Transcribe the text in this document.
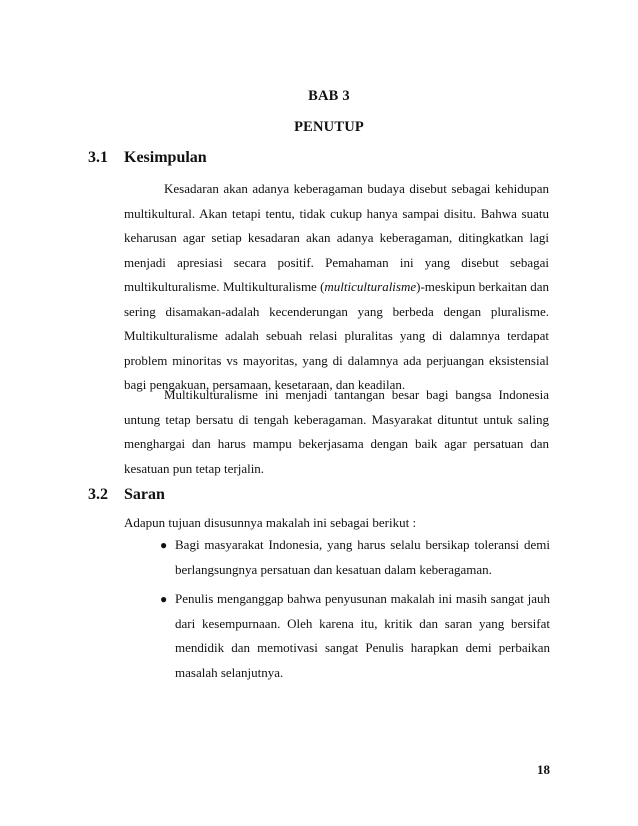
BAB 3
PENUTUP
3.1 Kesimpulan

Kesadaran akan adanya keberagaman budaya disebut sebagai kehidupan multikultural. Akan tetapi tentu, tidak cukup hanya sampai disitu. Bahwa suatu keharusan agar setiap kesadaran akan adanya keberagaman, ditingkatkan lagi menjadi apresiasi secara positif. Pemahaman ini yang disebut sebagai multikulturalisme. Multikulturalisme (multiculturalisme)-meskipun berkaitan dan sering disamakan-adalah kecenderungan yang berbeda dengan pluralisme. Multikulturalisme adalah sebuah relasi pluralitas yang di dalamnya terdapat problem minoritas vs mayoritas, yang di dalamnya ada perjuangan eksistensial bagi pengakuan, persamaan, kesetaraan, dan keadilan.

Multikulturalisme ini menjadi tantangan besar bagi bangsa Indonesia untung tetap bersatu di tengah keberagaman. Masyarakat dituntut untuk saling menghargai dan harus mampu bekerjasama dengan baik agar persatuan dan kesatuan pun tetap terjalin.

3.2 Saran

Adapun tujuan disusunnya makalah ini sebagai berikut :

● Bagi masyarakat Indonesia, yang harus selalu bersikap toleransi demi berlangsungnya persatuan dan kesatuan dalam keberagaman.
● Penulis menganggap bahwa penyusunan makalah ini masih sangat jauh dari kesempurnaan. Oleh karena itu, kritik dan saran yang bersifat mendidik dan memotivasi sangat Penulis harapkan demi perbaikan masalah selanjutnya.
18
